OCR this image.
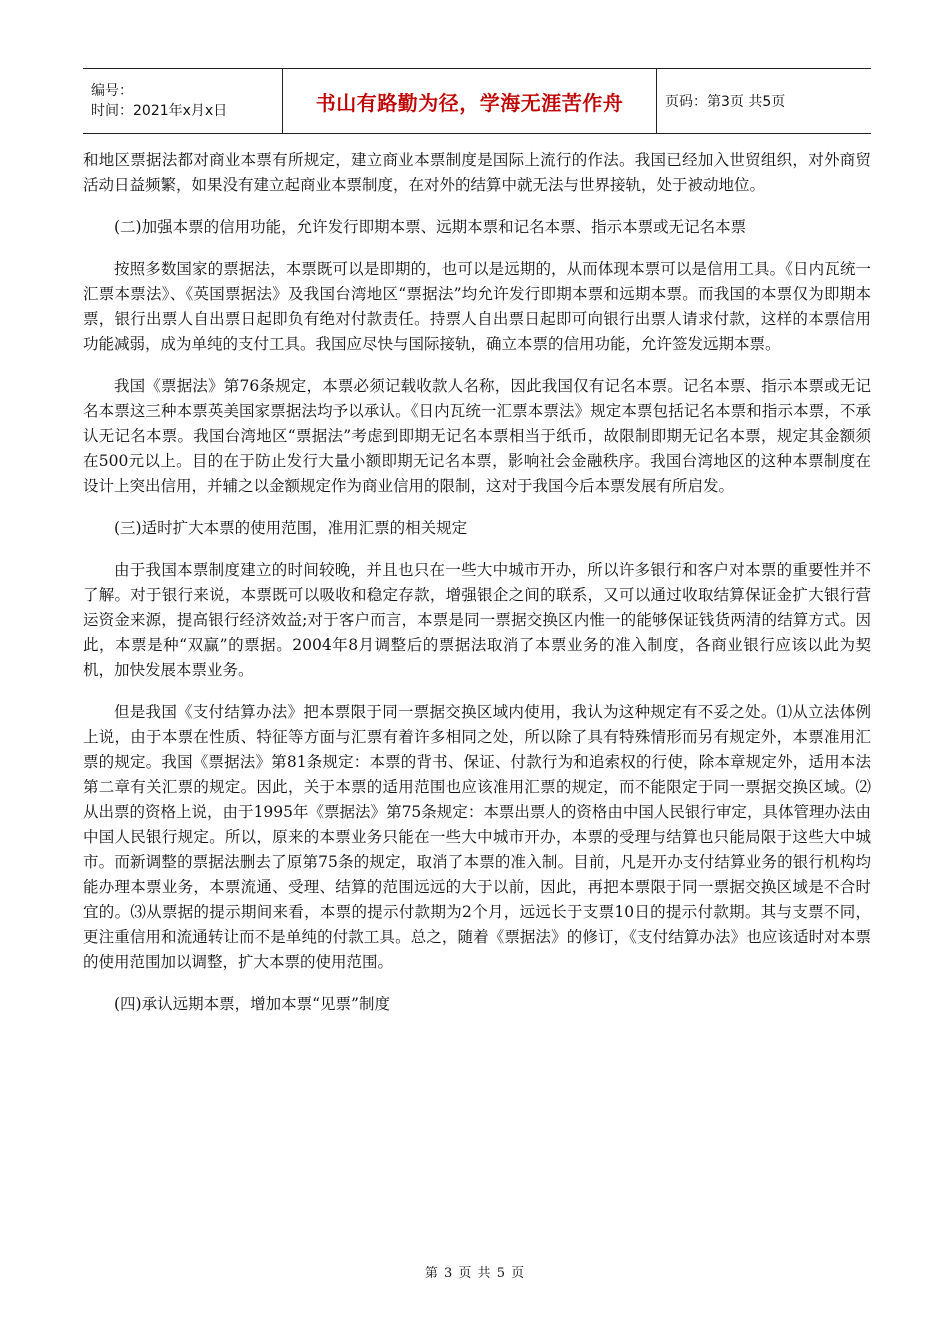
编号：
时间：2021年x月x日	书山有路勤为径，学海无涯苦作舟	页码：第3页 共5页

和地区票据法都对商业本票有所规定，建立商业本票制度是国际上流行的作法。我国已经加入世贸组织，对外商贸活动日益频繁，如果没有建立起商业本票制度，在对外的结算中就无法与世界接轨，处于被动地位。

(二)加强本票的信用功能，允许发行即期本票、远期本票和记名本票、指示本票或无记名本票

按照多数国家的票据法，本票既可以是即期的，也可以是远期的，从而体现本票可以是信用工具。《日内瓦统一汇票本票法》、《英国票据法》及我国台湾地区“票据法”均允许发行即期本票和远期本票。而我国的本票仅为即期本票，银行出票人自出票日起即负有绝对付款责任。持票人自出票日起即可向银行出票人请求付款，这样的本票信用功能减弱，成为单纯的支付工具。我国应尽快与国际接轨，确立本票的信用功能，允许签发远期本票。

我国《票据法》第76条规定，本票必须记载收款人名称，因此我国仅有记名本票。记名本票、指示本票或无记名本票这三种本票英美国家票据法均予以承认。《日内瓦统一汇票本票法》规定本票包括记名本票和指示本票，不承认无记名本票。我国台湾地区“票据法”考虑到即期无记名本票相当于纸币，故限制即期无记名本票，规定其金额须在500元以上。目的在于防止发行大量小额即期无记名本票，影响社会金融秩序。我国台湾地区的这种本票制度在设计上突出信用，并辅之以金额规定作为商业信用的限制，这对于我国今后本票发展有所启发。

(三)适时扩大本票的使用范围，准用汇票的相关规定

由于我国本票制度建立的时间较晚，并且也只在一些大中城市开办，所以许多银行和客户对本票的重要性并不了解。对于银行来说，本票既可以吸收和稳定存款，增强银企之间的联系，又可以通过收取结算保证金扩大银行营运资金来源，提高银行经济效益;对于客户而言，本票是同一票据交换区内惟一的能够保证钱货两清的结算方式。因此，本票是种“双赢”的票据。2004年8月调整后的票据法取消了本票业务的准入制度，各商业银行应该以此为契机，加快发展本票业务。

但是我国《支付结算办法》把本票限于同一票据交换区域内使用，我认为这种规定有不妥之处。⑴从立法体例上说，由于本票在性质、特征等方面与汇票有着许多相同之处，所以除了具有特殊情形而另有规定外，本票准用汇票的规定。我国《票据法》第81条规定：本票的背书、保证、付款行为和追索权的行使，除本章规定外，适用本法第二章有关汇票的规定。因此，关于本票的适用范围也应该准用汇票的规定，而不能限定于同一票据交换区域。⑵从出票的资格上说，由于1995年《票据法》第75条规定：本票出票人的资格由中国人民银行审定，具体管理办法由中国人民银行规定。所以，原来的本票业务只能在一些大中城市开办，本票的受理与结算也只能局限于这些大中城市。而新调整的票据法删去了原第75条的规定，取消了本票的准入制。目前，凡是开办支付结算业务的银行机构均能办理本票业务，本票流通、受理、结算的范围远远的大于以前，因此，再把本票限于同一票据交换区域是不合时宜的。⑶从票据的提示期间来看，本票的提示付款期为2个月，远远长于支票10日的提示付款期。其与支票不同，更注重信用和流通转让而不是单纯的付款工具。总之，随着《票据法》的修订，《支付结算办法》也应该适时对本票的使用范围加以调整，扩大本票的使用范围。

(四)承认远期本票，增加本票“见票”制度

第 3 页 共 5 页
